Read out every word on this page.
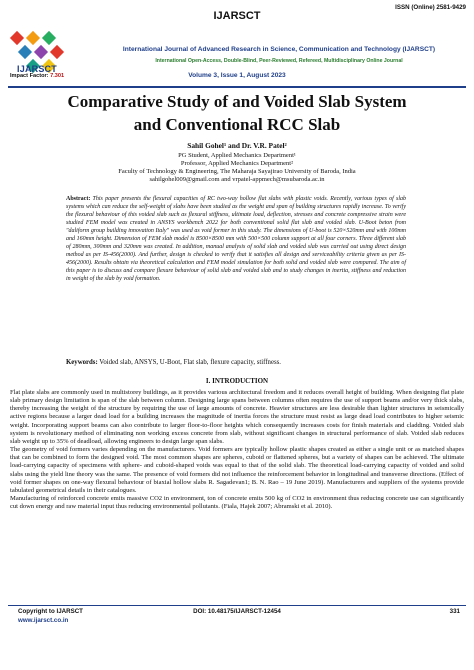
IJARSCT
ISSN (Online) 2581-9429
IJARSCT
International Journal of Advanced Research in Science, Communication and Technology (IJARSCT)
International Open-Access, Double-Blind, Peer-Reviewed, Refereed, Multidisciplinary Online Journal
Impact Factor: 7.301	Volume 3, Issue 1, August 2023
Comparative Study of and Voided Slab System
and Conventional RCC Slab
Sahil Gohel¹ and Dr. V.R. Patel²
PG Student, Applied Mechanics Department¹
Professor, Applied Mechanics Department²
Faculty of Technology & Engineering, The Maharaja Sayajirao University of Baroda, India
sahilgohel009@gmail.com and vrpatel-appmech@msubaroda.ac.in
Abstract: This paper presents the flexural capacities of RC two-way hollow flat slabs with plastic voids. Recently, various types of slab systems which can reduce the self-weight of slabs have been studied as the weight and span of building structures rapidly increase. To verify the flexural behaviour of this voided slab such as flexural stiffness, ultimate load, deflection, stresses and concrete compressive strain were studied FEM model was created in ANSYS workbench 2022 for both conventional solid flat slab and voided slab. U-Boot beton from "daliform group building innovation Italy" was used as void former in this study. The dimensions of U-boot is 520×520mm and with 100mm and 160mm height. Dimension of FEM slab model is 8500×8500 mm with 500×500 column support at all four corners. Three different slab of 280mm, 300mm and 320mm was created. In addition, manual analysis of solid slab and voided slab was carried out using direct design method as per IS-456(2000). And further, design is checked to verify that it satisfies all design and serviceability criteria given as per IS-456(2000). Results obtain via theoretical calculation and FEM model simulation for both solid and voided slab were compared. The aim of this paper is to discuss and compare flexure behaviour of solid slab and voided slab and to study changes in inertia, stiffness and reduction in weight of the slab by void formation.
Keywords: Voided slab, ANSYS, U-Boot, Flat slab, flexure capacity, stiffness.
I. INTRODUCTION

Flat plate slabs are commonly used in multistorey buildings, as it provides various architectural freedom and it reduces overall height of building. When designing flat plate slab primary design limitation is span of the slab between column. Designing large spans between columns often requires the use of support beams and/or very thick slabs, thereby increasing the weight of the structure by requiring the use of large amounts of concrete. Heavier structures are less desirable than lighter structures in seismically active regions because a larger dead load for a building increases the magnitude of inertia forces the structure must resist as large dead load contributes to higher seismic weight. Incorporating support beams can also contribute to larger floor-to-floor heights which consequently increases costs for finish materials and cladding. Voided slab system is revolutionary method of eliminating non working excess concrete from slab, without significant changes in structural performance of slab. Voided slab reduces slab weight up to 35% of deadload, allowing engineers to design large span slabs.

The geometry of void formers varies depending on the manufacturers. Void formers are typically hollow plastic shapes created as either a single unit or as matched shapes that can be combined to form the designed void. The most common shapes are spheres, cuboid or flattened spheres, but a variety of shapes can be achieved. The ultimate load-carrying capacity of specimens with sphere- and cuboid-shaped voids was equal to that of the solid slab. The theoretical load-carrying capacity of voided and solid slabs using the yield line theory was the same. The presence of void formers did not influence the reinforcement behavior in longitudinal and transverse directions. (Effect of void former shapes on one-way flexural behaviour of biaxial hollow slabs R. Sagadevan1; B. N. Rao – 19 June 2019). Manufacturers and suppliers of the systems provide tabulated geometrical details in their catalogues.

Manufacturing of reinforced concrete emits massive CO2 in environment, ton of concrete emits 500 kg of CO2 in environment thus reducing concrete use can significantly cut down energy and raw material input thus reducing environmental pollutants. (Fiala, Hajek 2007; Abramski et al. 2010).

Copyright to IJARSCT
www.ijarsct.co.in
DOI: 10.48175/IJARSCT-12454	331
